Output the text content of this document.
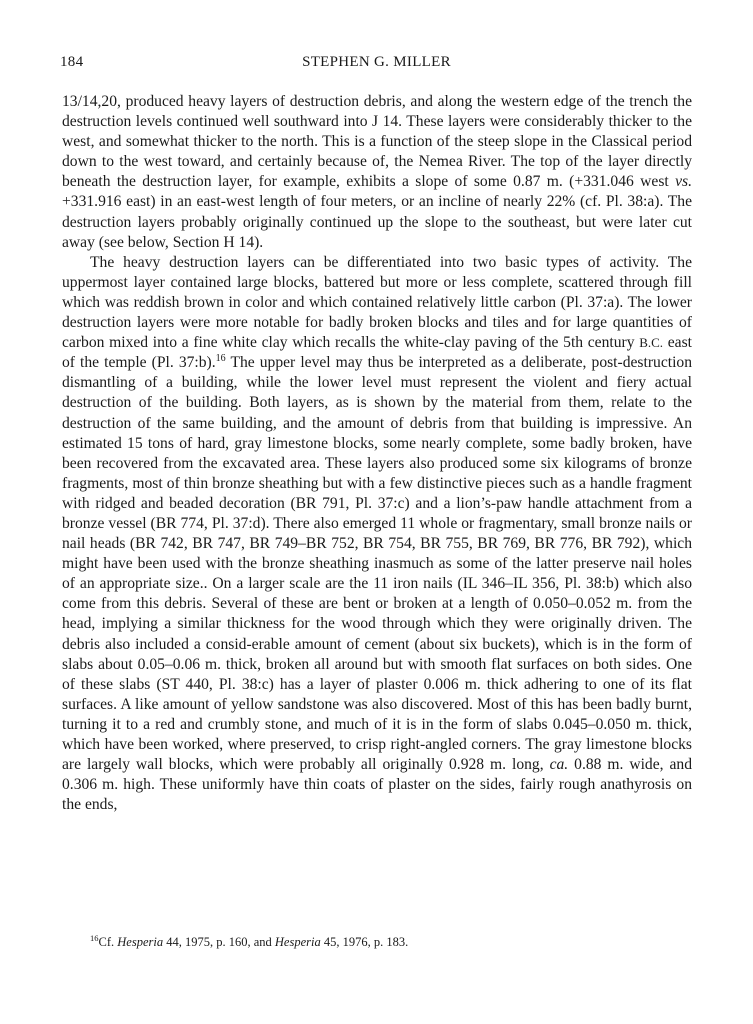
184	STEPHEN G. MILLER

13/14,20, produced heavy layers of destruction debris, and along the western edge of the trench the destruction levels continued well southward into J 14. These layers were considerably thicker to the west, and somewhat thicker to the north. This is a function of the steep slope in the Classical period down to the west toward, and certainly because of, the Nemea River. The top of the layer directly beneath the destruction layer, for example, exhibits a slope of some 0.87 m. (+331.046 west vs. +331.916 east) in an east-west length of four meters, or an incline of nearly 22% (cf. Pl. 38:a). The destruction layers probably originally continued up the slope to the southeast, but were later cut away (see below, Section H 14).

The heavy destruction layers can be differentiated into two basic types of activity. The uppermost layer contained large blocks, battered but more or less complete, scattered through fill which was reddish brown in color and which contained relatively little carbon (Pl. 37:a). The lower destruction layers were more notable for badly broken blocks and tiles and for large quantities of carbon mixed into a fine white clay which recalls the white-clay paving of the 5th century B.C. east of the temple (Pl. 37:b).$^{16}$ The upper level may thus be interpreted as a deliberate, post-destruction dismantling of a building, while the lower level must represent the violent and fiery actual destruction of the building. Both layers, as is shown by the material from them, relate to the destruction of the same building, and the amount of debris from that building is impressive. An estimated 15 tons of hard, gray limestone blocks, some nearly complete, some badly broken, have been recovered from the excavated area. These layers also produced some six kilograms of bronze fragments, most of thin bronze sheathing but with a few distinctive pieces such as a handle fragment with ridged and beaded decoration (BR 791, Pl. 37:c) and a lion’s-paw handle attachment from a bronze vessel (BR 774, Pl. 37:d). There also emerged 11 whole or fragmentary, small bronze nails or nail heads (BR 742, BR 747, BR 749–BR 752, BR 754, BR 755, BR 769, BR 776, BR 792), which might have been used with the bronze sheathing inasmuch as some of the latter preserve nail holes of an appropriate size.. On a larger scale are the 11 iron nails (IL 346–IL 356, Pl. 38:b) which also come from this debris. Several of these are bent or broken at a length of 0.050–0.052 m. from the head, implying a similar thickness for the wood through which they were originally driven. The debris also included a consid-erable amount of cement (about six buckets), which is in the form of slabs about 0.05–0.06 m. thick, broken all around but with smooth flat surfaces on both sides. One of these slabs (ST 440, Pl. 38:c) has a layer of plaster 0.006 m. thick adhering to one of its flat surfaces. A like amount of yellow sandstone was also discovered. Most of this has been badly burnt, turning it to a red and crumbly stone, and much of it is in the form of slabs 0.045–0.050 m. thick, which have been worked, where preserved, to crisp right-angled corners. The gray limestone blocks are largely wall blocks, which were probably all originally 0.928 m. long, ca. 0.88 m. wide, and 0.306 m. high. These uniformly have thin coats of plaster on the sides, fairly rough anathyrosis on the ends,

$^{16}$Cf. Hesperia 44, 1975, p. 160, and Hesperia 45, 1976, p. 183.
